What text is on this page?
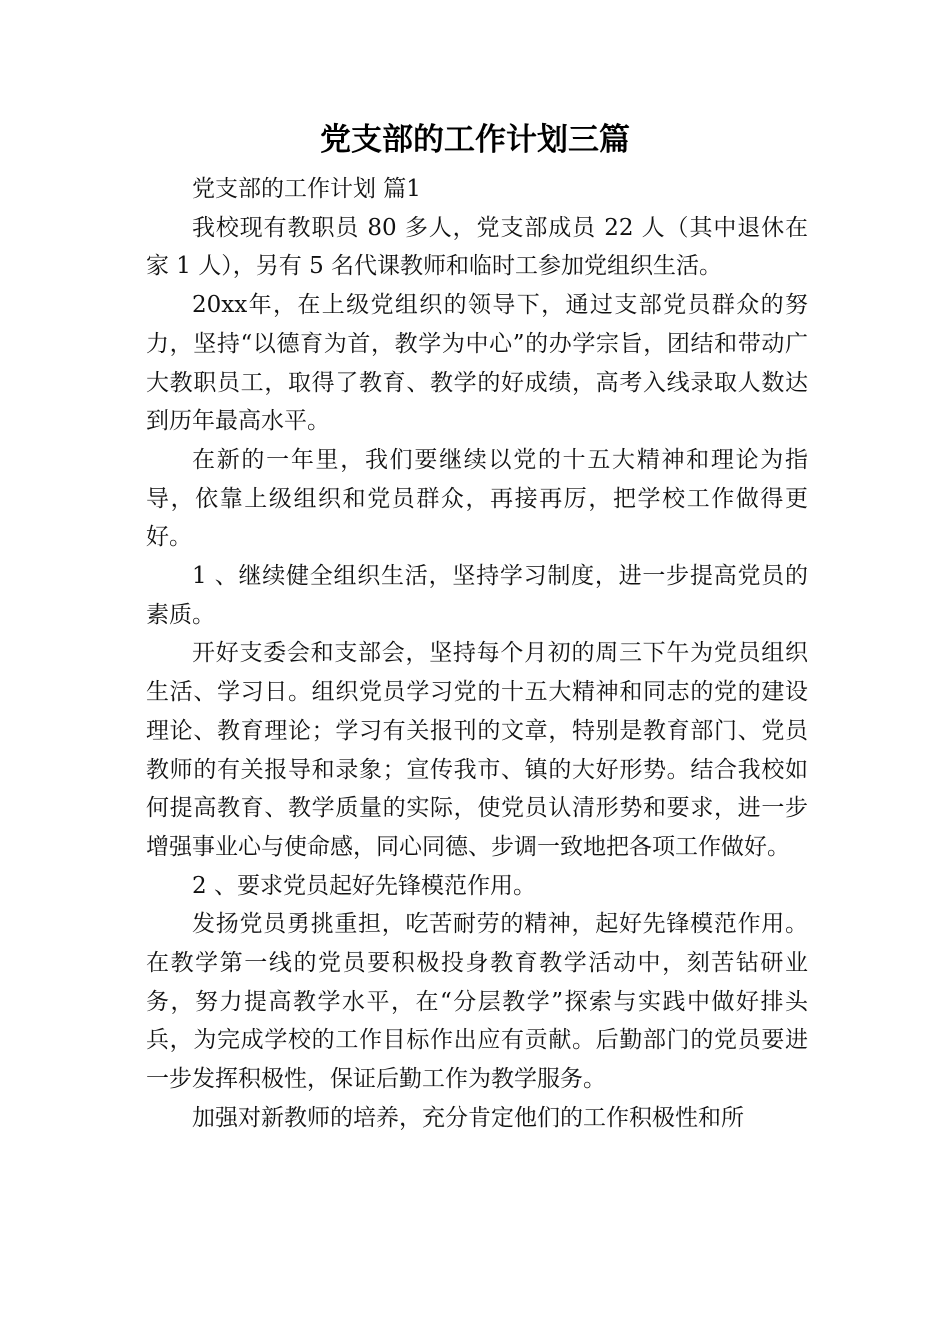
党支部的工作计划三篇

党支部的工作计划 篇1

我校现有教职员 80 多人，党支部成员 22 人（其中退休在家 1 人），另有 5 名代课教师和临时工参加党组织生活。

20xx年，在上级党组织的领导下，通过支部党员群众的努力，坚持“以德育为首，教学为中心”的办学宗旨，团结和带动广大教职员工，取得了教育、教学的好成绩，高考入线录取人数达到历年最高水平。

在新的一年里，我们要继续以党的十五大精神和理论为指导，依靠上级组织和党员群众，再接再厉，把学校工作做得更好。

1 、继续健全组织生活，坚持学习制度，进一步提高党员的素质。

开好支委会和支部会，坚持每个月初的周三下午为党员组织生活、学习日。组织党员学习党的十五大精神和同志的党的建设理论、教育理论；学习有关报刊的文章，特别是教育部门、党员教师的有关报导和录象；宣传我市、镇的大好形势。结合我校如何提高教育、教学质量的实际，使党员认清形势和要求，进一步增强事业心与使命感，同心同德、步调一致地把各项工作做好。

2 、要求党员起好先锋模范作用。

发扬党员勇挑重担，吃苦耐劳的精神，起好先锋模范作用。在教学第一线的党员要积极投身教育教学活动中，刻苦钻研业务，努力提高教学水平，在“分层教学”探索与实践中做好排头兵，为完成学校的工作目标作出应有贡献。后勤部门的党员要进一步发挥积极性，保证后勤工作为教学服务。

加强对新教师的培养，充分肯定他们的工作积极性和所
